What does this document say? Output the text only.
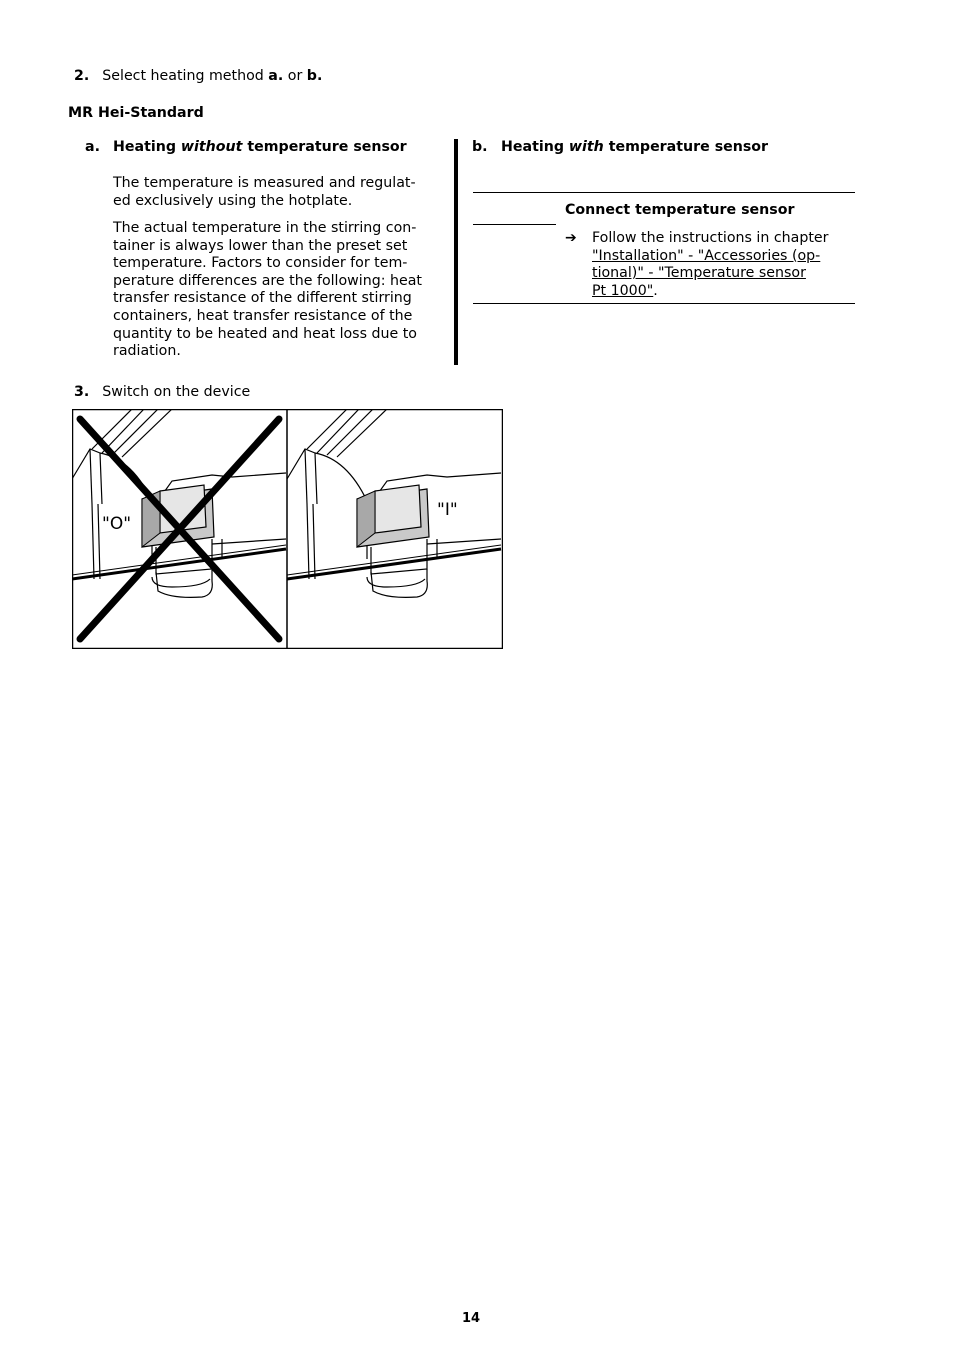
2. Select heating method a. or b.
MR Hei-Standard
a. Heating without temperature sensor
The temperature is measured and regulat-
ed exclusively using the hotplate.
The actual temperature in the stirring con-
tainer is always lower than the preset set
temperature. Factors to consider for tem-
perature differences are the following: heat
transfer resistance of the different stirring
containers, heat transfer resistance of the
quantity to be heated and heat loss due to
radiation.
b. Heating with temperature sensor
Connect temperature sensor
➔ Follow the instructions in chapter
"Installation" - "Accessories (op-
tional)" - "Temperature sensor
Pt 1000".
3. Switch on the device
"O"
"I"
14
